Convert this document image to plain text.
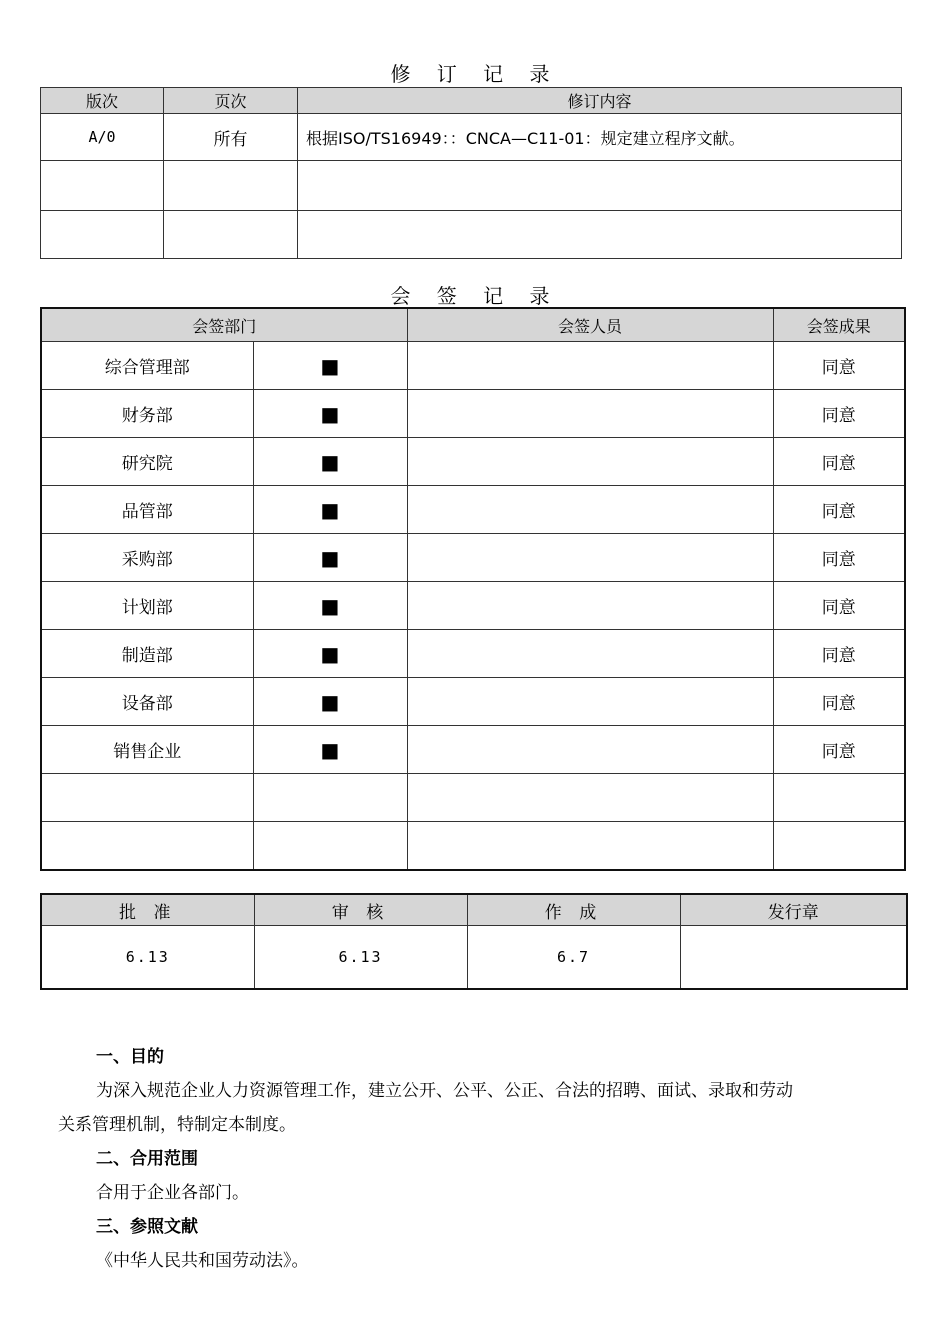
修 订 记 录
版次	页次	修订内容
A/0	所有	根据ISO/TS16949：：CNCA—C11-01：规定建立程序文献。

会 签 记 录
会签部门		会签人员	会签成果
综合管理部	■		同意
财务部	■		同意
研究院	■		同意
品管部	■		同意
采购部	■		同意
计划部	■		同意
制造部	■		同意
设备部	■		同意
销售企业	■		同意

批 准	审 核	作 成	发行章
6.13	6.13	6.7	
一、目的
为深入规范企业人力资源管理工作，建立公开、公平、公正、合法的招聘、面试、录取和劳动
关系管理机制，特制定本制度。
二、合用范围
合用于企业各部门。
三、参照文献
《中华人民共和国劳动法》。
